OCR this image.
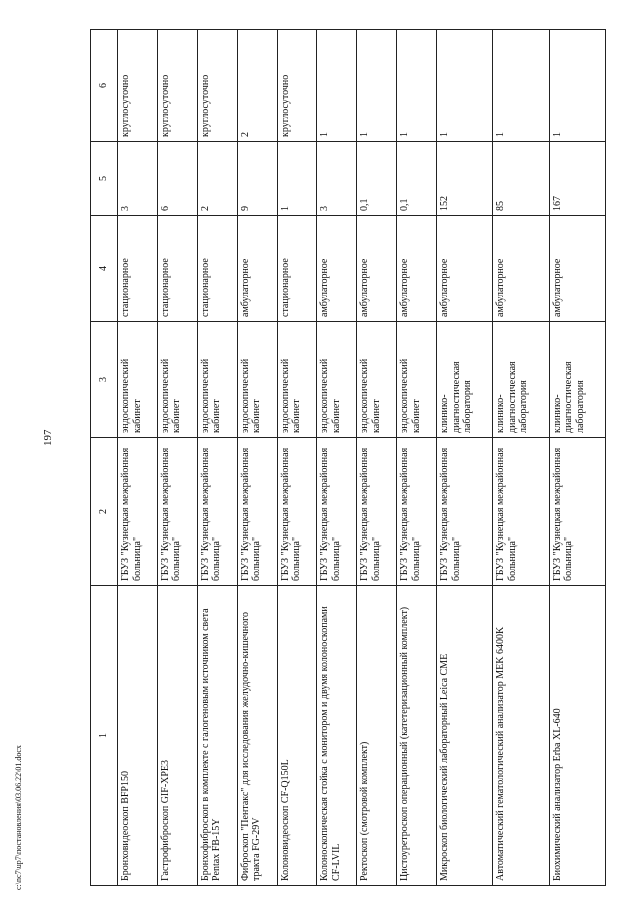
197
1	2	3	4	5	6
Бронховидеоскоп BFP150	ГБУЗ "Кузнецкая межрайонная больница"	эндоскопический кабинет	стационарное	3	круглосуточно
Гастрофиброскоп GIF-XPE3	ГБУЗ "Кузнецкая межрайонная больница"	эндоскопический кабинет	стационарное	6	круглосуточно
Бронхофиброскоп в комплекте с галогеновым источником света Pentax FB-15Y	ГБУЗ "Кузнецкая межрайонная больница"	эндоскопический кабинет	стационарное	2	круглосуточно
Фиброскоп "Пентакс" для исследования желудочно-кишечного тракта FG-29V	ГБУЗ "Кузнецкая межрайонная больница"	эндоскопический кабинет	амбулаторное	9	2
Колоновидеоскоп CF-Q150L	ГБУЗ "Кузнецкая межрайонная больница"	эндоскопический кабинет	стационарное	1	круглосуточно
Колоноскопическая стойка с монитором и двумя колоноскопами CF-LVIL	ГБУЗ "Кузнецкая межрайонная больница"	эндоскопический кабинет	амбулаторное	3	1
Ректоскоп (смотровой комплект)	ГБУЗ "Кузнецкая межрайонная больница"	эндоскопический кабинет	амбулаторное	0,1	1
Цистоуретроскоп операционный (катетеризационный комплект)	ГБУЗ "Кузнецкая межрайонная больница"	эндоскопический кабинет	амбулаторное	0,1	1
Микроскоп биологический лабораторный Leica CME	ГБУЗ "Кузнецкая межрайонная больница"	клинико-диагностическая лаборатория	амбулаторное	152	1
Автоматический гематологический анализатор MEK 6400K	ГБУЗ "Кузнецкая межрайонная больница"	клинико-диагностическая лаборатория	амбулаторное	85	1
Биохимический анализатор Erba XL-640	ГБУЗ "Кузнецкая межрайонная больница"	клинико-диагностическая лаборатория	амбулаторное	167	1
c:\nc7\up7\постановления\03.06.22\01.docx
